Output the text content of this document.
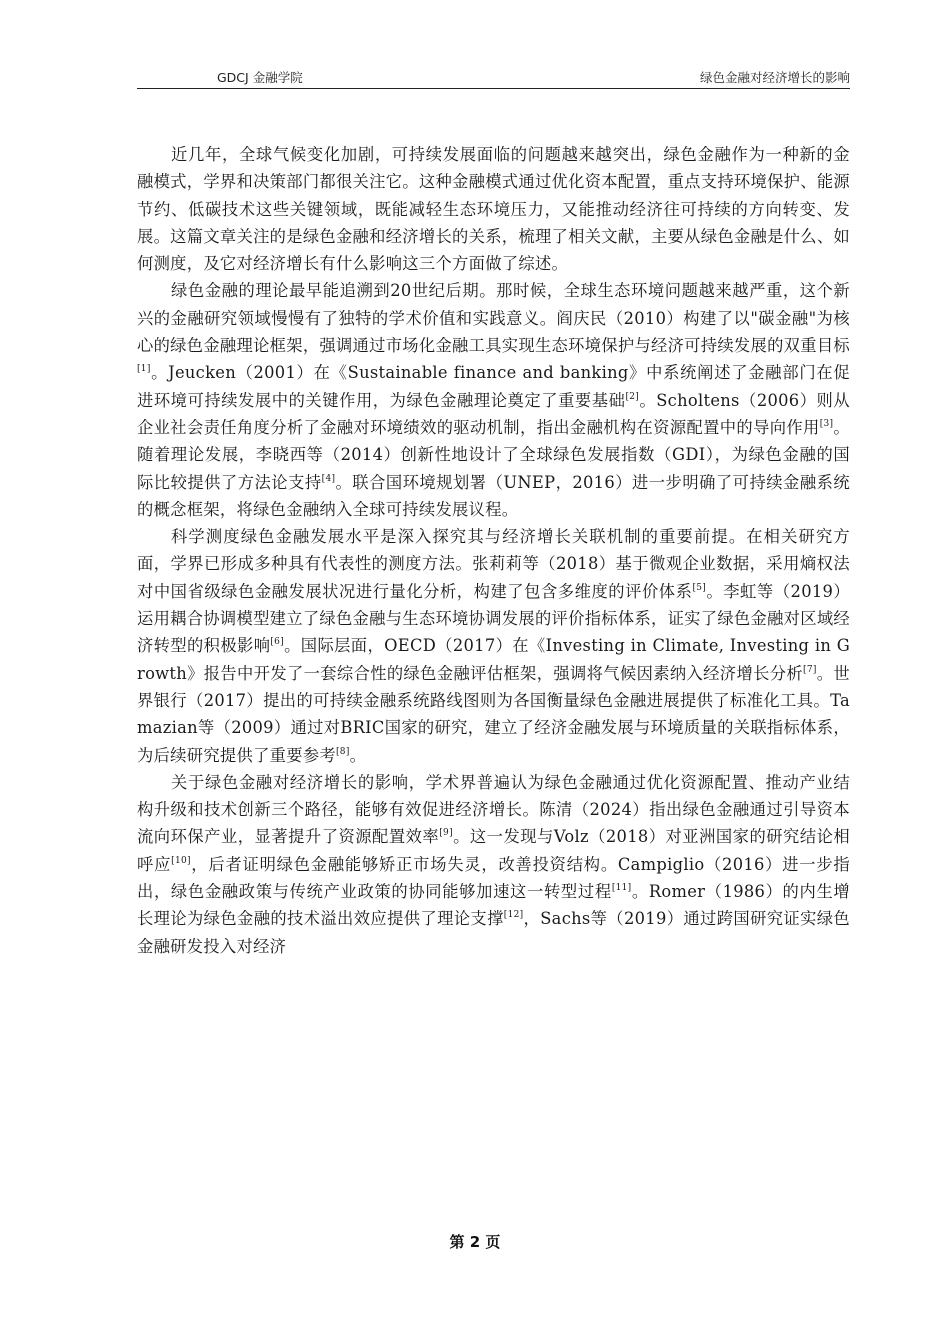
GDCJ 金融学院	绿色金融对经济增长的影响

近几年，全球气候变化加剧，可持续发展面临的问题越来越突出，绿色金融作为一种新的金融模式，学界和决策部门都很关注它。这种金融模式通过优化资本配置，重点支持环境保护、能源节约、低碳技术这些关键领域，既能减轻生态环境压力，又能推动经济往可持续的方向转变、发展。这篇文章关注的是绿色金融和经济增长的关系，梳理了相关文献，主要从绿色金融是什么、如何测度，及它对经济增长有什么影响这三个方面做了综述。

绿色金融的理论最早能追溯到20世纪后期。那时候，全球生态环境问题越来越严重，这个新兴的金融研究领域慢慢有了独特的学术价值和实践意义。阎庆民（2010）构建了以"碳金融"为核心的绿色金融理论框架，强调通过市场化金融工具实现生态环境保护与经济可持续发展的双重目标[1]。Jeucken（2001）在《Sustainable finance and banking》中系统阐述了金融部门在促进环境可持续发展中的关键作用，为绿色金融理论奠定了重要基础[2]。Scholtens（2006）则从企业社会责任角度分析了金融对环境绩效的驱动机制，指出金融机构在资源配置中的导向作用[3]。随着理论发展，李晓西等（2014）创新性地设计了全球绿色发展指数（GDI），为绿色金融的国际比较提供了方法论支持[4]。联合国环境规划署（UNEP，2016）进一步明确了可持续金融系统的概念框架，将绿色金融纳入全球可持续发展议程。

科学测度绿色金融发展水平是深入探究其与经济增长关联机制的重要前提。在相关研究方面，学界已形成多种具有代表性的测度方法。张莉莉等（2018）基于微观企业数据，采用熵权法对中国省级绿色金融发展状况进行量化分析，构建了包含多维度的评价体系[5]。李虹等（2019）运用耦合协调模型建立了绿色金融与生态环境协调发展的评价指标体系，证实了绿色金融对区域经济转型的积极影响[6]。国际层面，OECD（2017）在《Investing in Climate, Investing in Growth》报告中开发了一套综合性的绿色金融评估框架，强调将气候因素纳入经济增长分析[7]。世界银行（2017）提出的可持续金融系统路线图则为各国衡量绿色金融进展提供了标准化工具。Tamazian等（2009）通过对BRIC国家的研究，建立了经济金融发展与环境质量的关联指标体系，为后续研究提供了重要参考[8]。

关于绿色金融对经济增长的影响，学术界普遍认为绿色金融通过优化资源配置、推动产业结构升级和技术创新三个路径，能够有效促进经济增长。陈清（2024）指出绿色金融通过引导资本流向环保产业，显著提升了资源配置效率[9]。这一发现与Volz（2018）对亚洲国家的研究结论相呼应[10]，后者证明绿色金融能够矫正市场失灵，改善投资结构。Campiglio（2016）进一步指出，绿色金融政策与传统产业政策的协同能够加速这一转型过程[11]。Romer（1986）的内生增长理论为绿色金融的技术溢出效应提供了理论支撑[12]，Sachs等（2019）通过跨国研究证实绿色金融研发投入对经济

第 2 页
